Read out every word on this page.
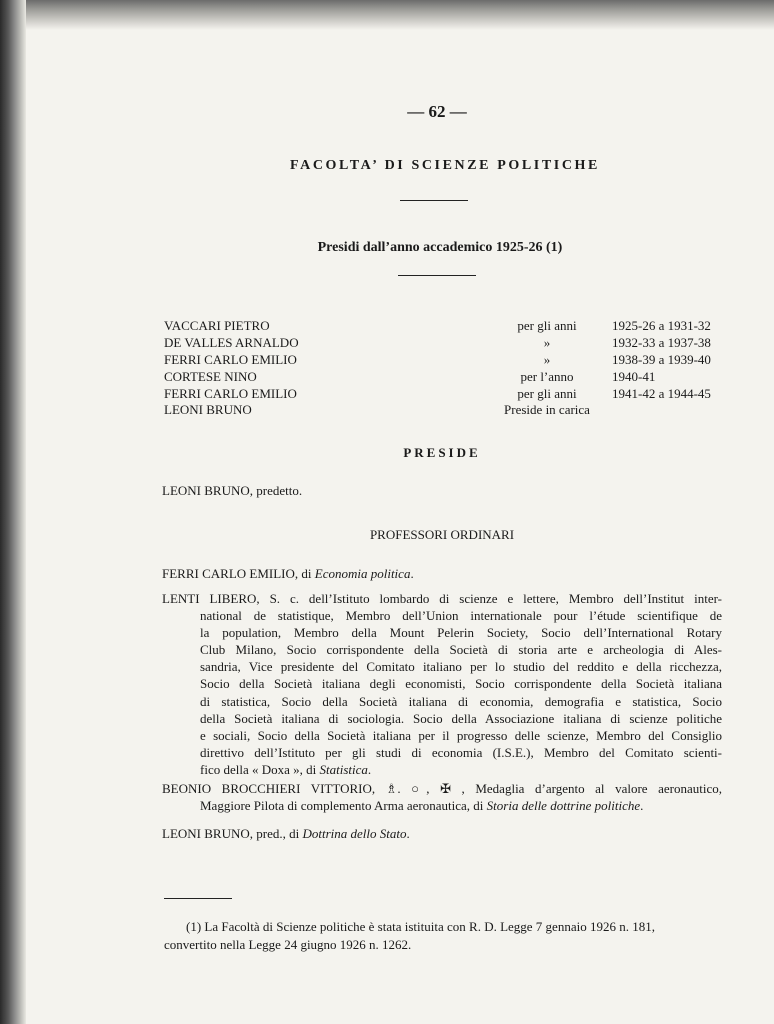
— 62 —
FACOLTA’ DI SCIENZE POLITICHE
Presidi dall’anno accademico 1925-26 (1)
VACCARI PIETRO	per gli anni	1925-26 a 1931-32
DE VALLES ARNALDO	»	1932-33 a 1937-38
FERRI CARLO EMILIO	»	1938-39 a 1939-40
CORTESE NINO	per l’anno	1940-41
FERRI CARLO EMILIO	per gli anni	1941-42 a 1944-45
LEONI BRUNO	Preside in carica
PRESIDE
LEONI BRUNO, predetto.
PROFESSORI ORDINARI
FERRI CARLO EMILIO, di Economia politica.
LENTI LIBERO, S. c. dell’Istituto lombardo di scienze e lettere, Membro dell’Institut inter-
national de statistique, Membro dell’Union internationale pour l’étude scientifique de
la population, Membro della Mount Pelerin Society, Socio dell’International Rotary
Club Milano, Socio corrispondente della Società di storia arte e archeologia di Ales-
sandria, Vice presidente del Comitato italiano per lo studio del reddito e della ricchezza,
Socio della Società italiana degli economisti, Socio corrispondente della Società italiana
di statistica, Socio della Società italiana di economia, demografia e statistica, Socio
della Società italiana di sociologia. Socio della Associazione italiana di scienze politiche
e sociali, Socio della Società italiana per il progresso delle scienze, Membro del Consiglio
direttivo dell’Istituto per gli studi di economia (I.S.E.), Membro del Comitato scienti-
fico della « Doxa », di Statistica.
BEONIO BROCCHIERI VITTORIO, ♗. ○, ✠ , Medaglia d’argento al valore aeronautico,
Maggiore Pilota di complemento Arma aeronautica, di Storia delle dottrine politiche.
LEONI BRUNO, pred., di Dottrina dello Stato.
(1) La Facoltà di Scienze politiche è stata istituita con R. D. Legge 7 gennaio 1926 n. 181,
convertito nella Legge 24 giugno 1926 n. 1262.
